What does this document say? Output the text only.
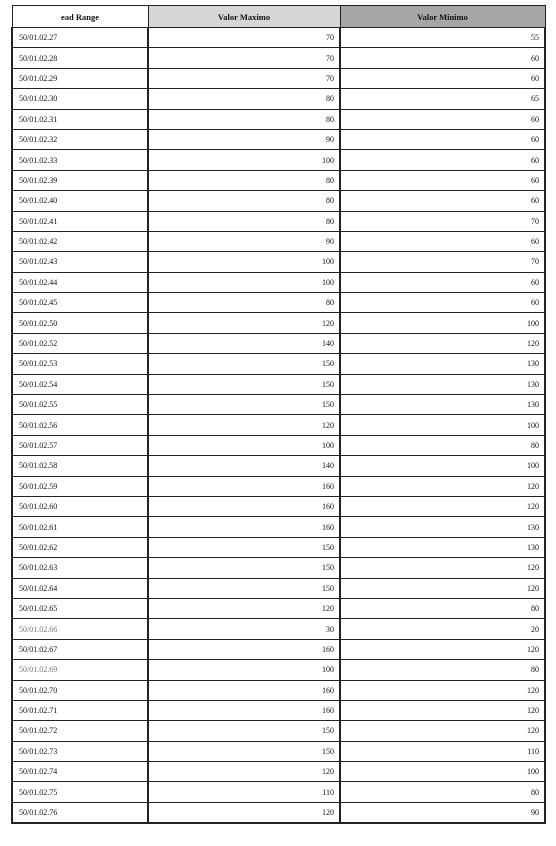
ead Range	Valor Maximo	Valor Minimo
50/01.02.27	70	55
50/01.02.28	70	60
50/01.02.29	70	60
50/01.02.30	80	65
50/01.02.31	80	60
50/01.02.32	90	60
50/01.02.33	100	60
50/01.02.39	80	60
50/01.02.40	80	60
50/01.02.41	80	70
50/01.02.42	90	60
50/01.02.43	100	70
50/01.02.44	100	60
50/01.02.45	80	60
50/01.02.50	120	100
50/01.02.52	140	120
50/01.02.53	150	130
50/01.02.54	150	130
50/01.02.55	150	130
50/01.02.56	120	100
50/01.02.57	100	80
50/01.02.58	140	100
50/01.02.59	160	120
50/01.02.60	160	120
50/01.02.61	160	130
50/01.02.62	150	130
50/01.02.63	150	120
50/01.02.64	150	120
50/01.02.65	120	80
50/01.02.66	30	20
50/01.02.67	160	120
50/01.02.69	100	80
50/01.02.70	160	120
50/01.02.71	160	120
50/01.02.72	150	120
50/01.02.73	150	110
50/01.02.74	120	100
50/01.02.75	110	80
50/01.02.76	120	90
